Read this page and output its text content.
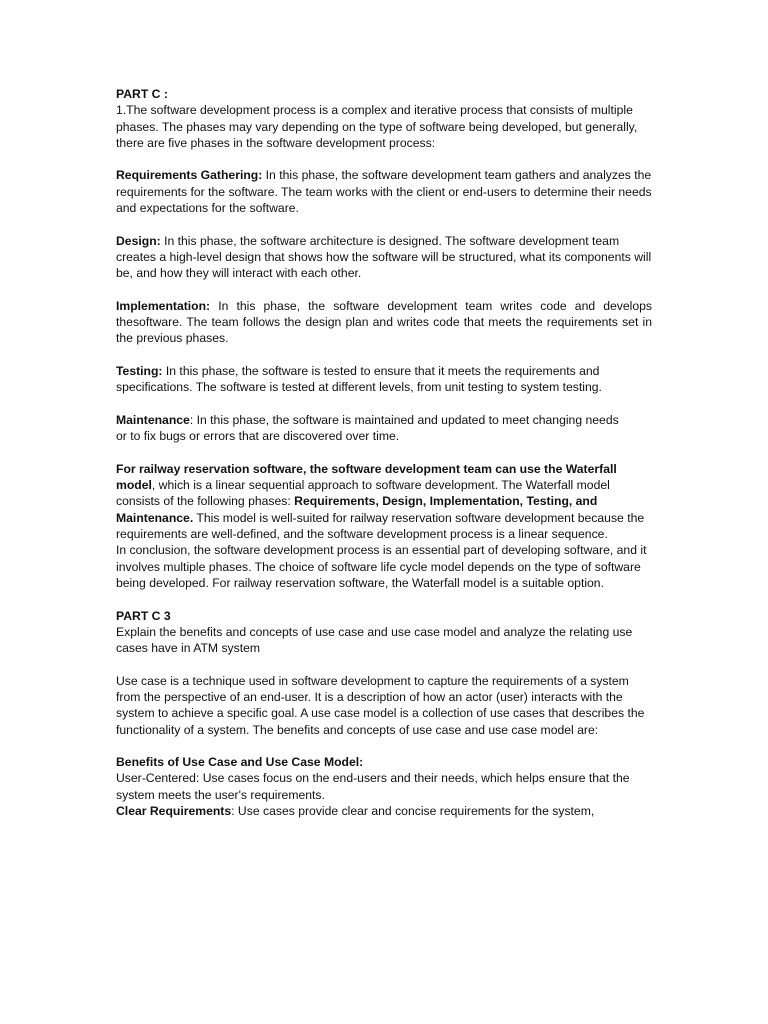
PART C :

1.The software development process is a complex and iterative process that consists of multiple phases. The phases may vary depending on the type of software being developed, but generally,

there are five phases in the software development process:

Requirements Gathering: In this phase, the software development team gathers and analyzes the requirements for the software. The team works with the client or end-users to determine their needs and expectations for the software.

Design: In this phase, the software architecture is designed. The software development team

creates a high-level design that shows how the software will be structured, what its components will be, and how they will interact with each other.

Implementation: In this phase, the software development team writes code and develops thesoftware. The team follows the design plan and writes code that meets the requirements set in the previous phases.

Testing: In this phase, the software is tested to ensure that it meets the requirements and specifications. The software is tested at different levels, from unit testing to system testing.

Maintenance: In this phase, the software is maintained and updated to meet changing needs

or to fix bugs or errors that are discovered over time.

For railway reservation software, the software development team can use the Waterfall model, which is a linear sequential approach to software development. The Waterfall model consists of the following phases: Requirements, Design, Implementation, Testing, and Maintenance. This model is well-suited for railway reservation software development because the requirements are well-defined, and the software development process is a linear sequence.

In conclusion, the software development process is an essential part of developing software, and it involves multiple phases. The choice of software life cycle model depends on the type of software being developed. For railway reservation software, the Waterfall model is a suitable option.

PART C 3

Explain the benefits and concepts of use case and use case model and analyze the relating use cases have in ATM system

Use case is a technique used in software development to capture the requirements of a system from the perspective of an end-user. It is a description of how an actor (user) interacts with the system to achieve a specific goal. A use case model is a collection of use cases that describes the functionality of a system. The benefits and concepts of use case and use case model are:

Benefits of Use Case and Use Case Model:

User-Centered: Use cases focus on the end-users and their needs, which helps ensure that the system meets the user's requirements.

Clear Requirements: Use cases provide clear and concise requirements for the system,
